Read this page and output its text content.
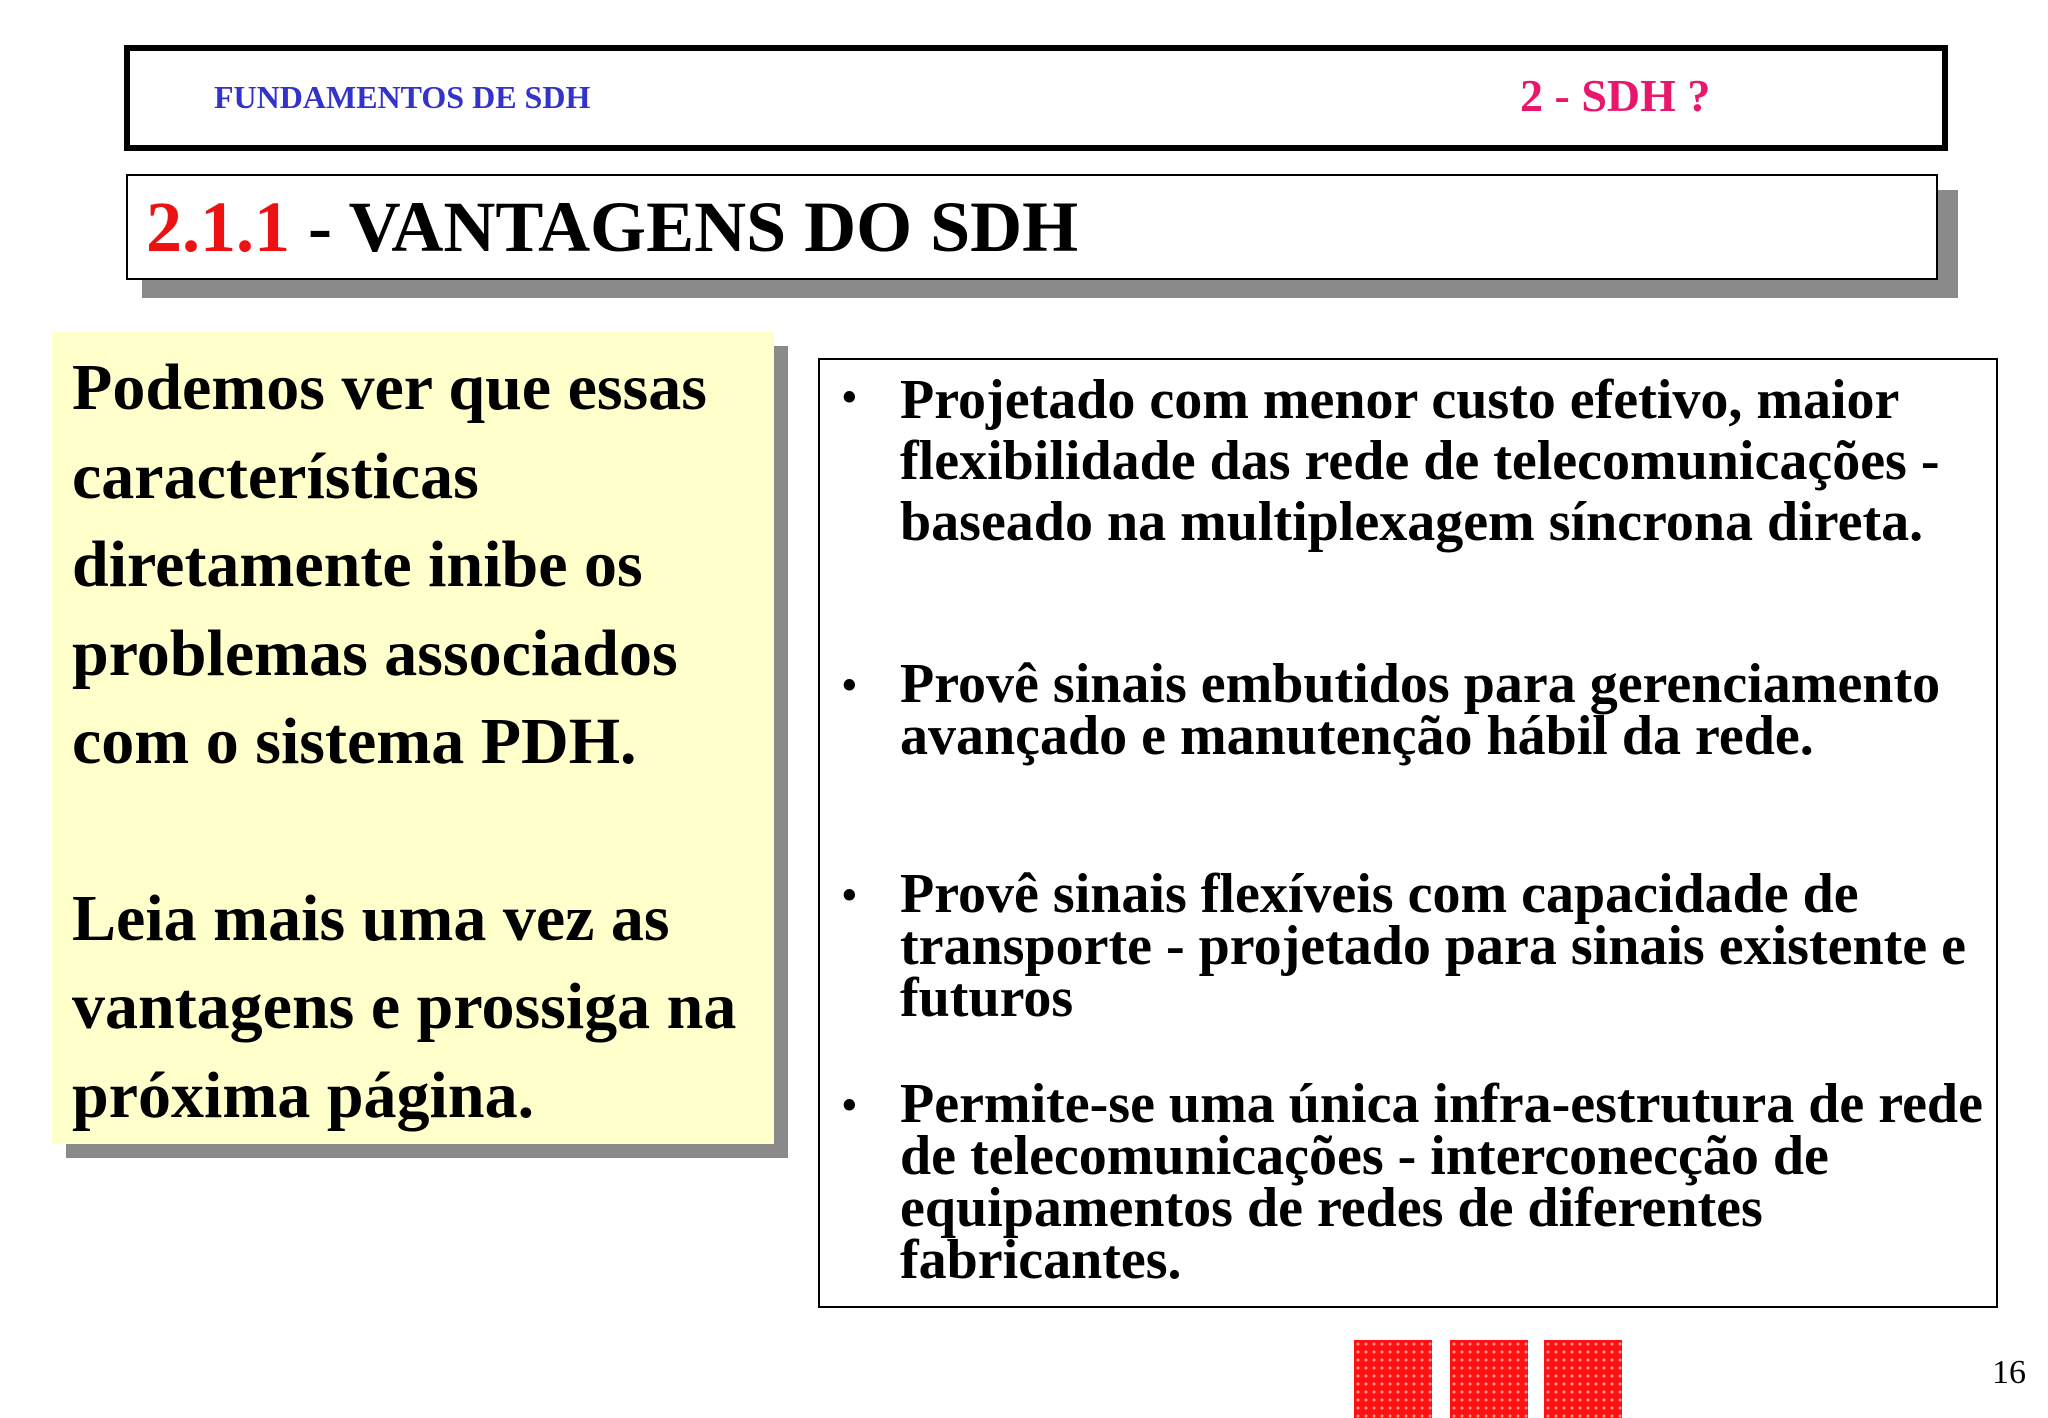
FUNDAMENTOS DE SDH	2 - SDH ?
2.1.1 - VANTAGENS DO SDH

Podemos ver que essas características diretamente inibe os problemas associados com o sistema PDH.

Leia mais uma vez as vantagens e prossiga na próxima página.

• Projetado com menor custo efetivo, maior flexibilidade das rede de telecomunicações - baseado na multiplexagem síncrona direta.
• Provê sinais embutidos para gerenciamento avançado e manutenção hábil da rede.
• Provê sinais flexíveis com capacidade de transporte - projetado para sinais existente e futuros
• Permite-se uma única infra-estrutura de rede de telecomunicações - interconecção de equipamentos de redes de diferentes fabricantes.
16
